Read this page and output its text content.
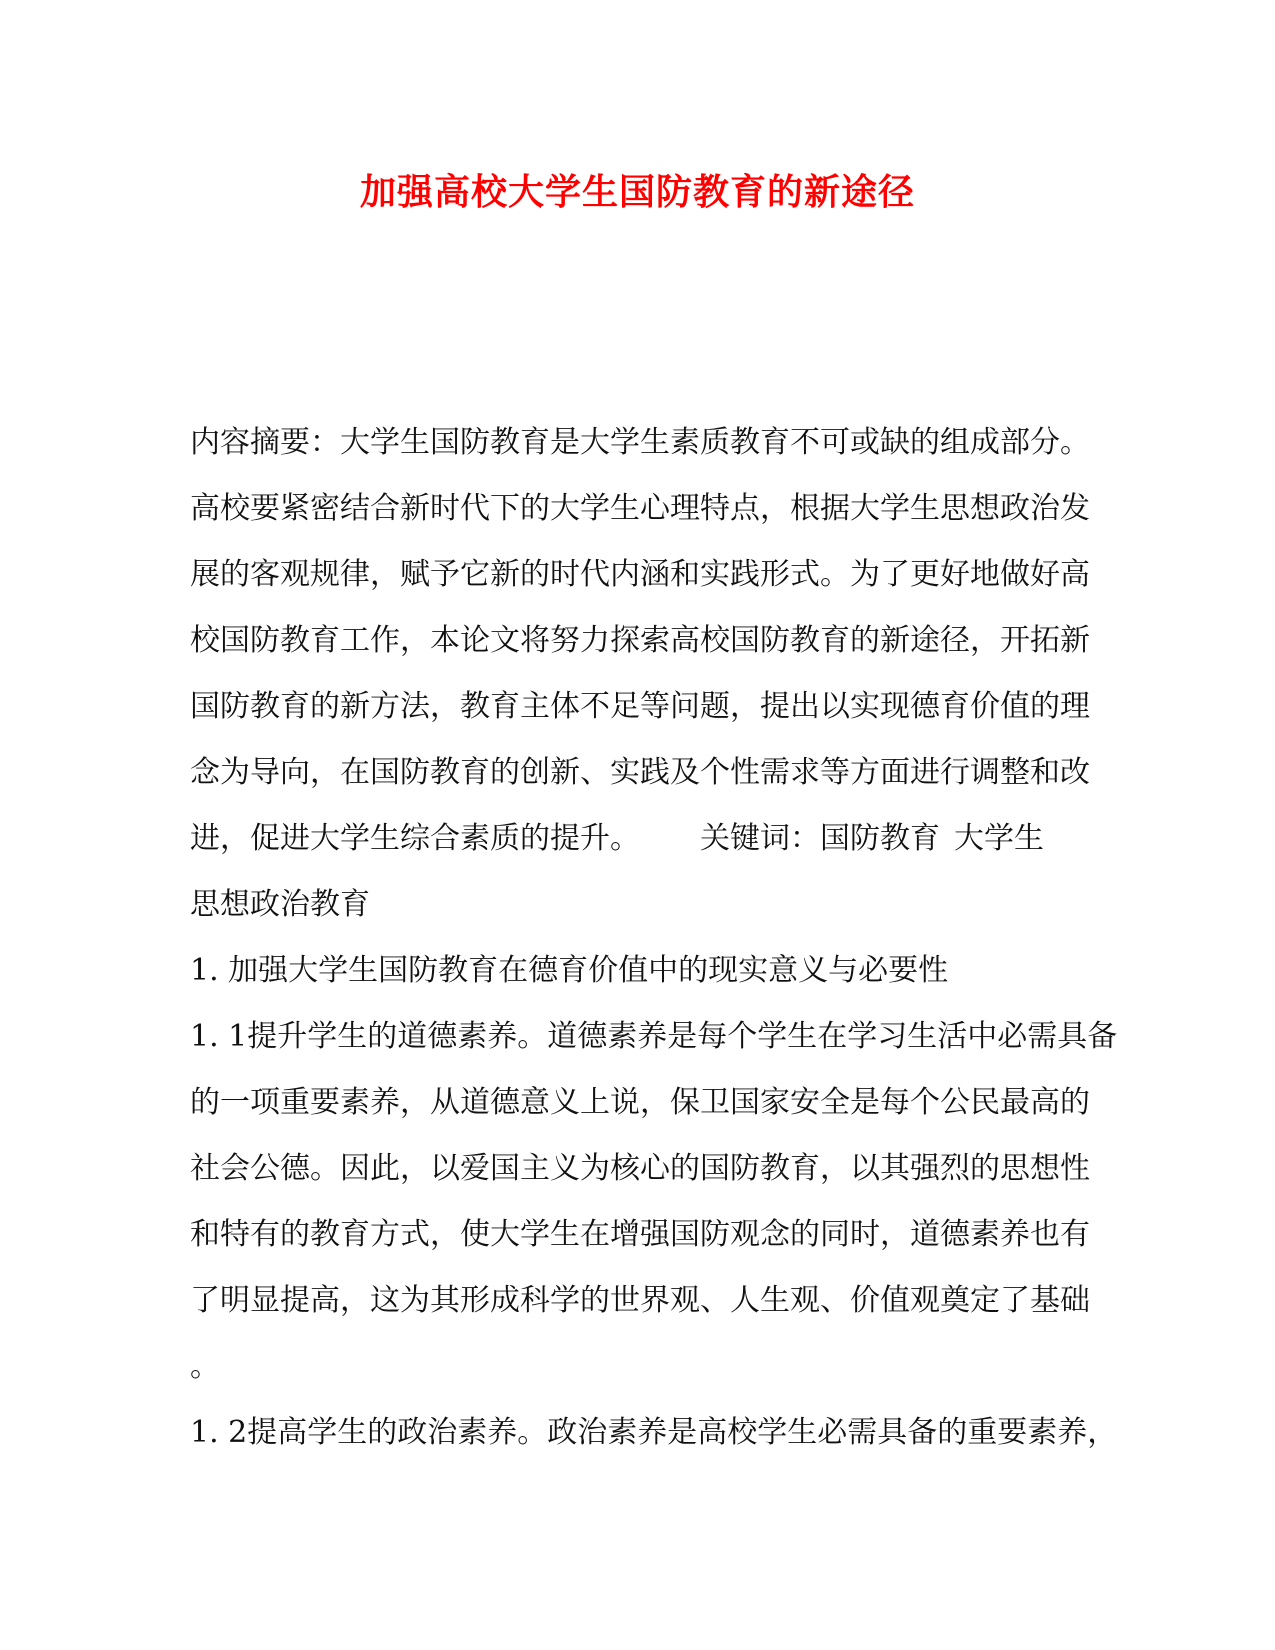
加强高校大学生国防教育的新途径
内容摘要：大学生国防教育是大学生素质教育不可或缺的组成部分。
高校要紧密结合新时代下的大学生心理特点，根据大学生思想政治发
展的客观规律，赋予它新的时代内涵和实践形式。为了更好地做好高
校国防教育工作，本论文将努力探索高校国防教育的新途径，开拓新
国防教育的新方法，教育主体不足等问题，提出以实现德育价值的理
念为导向，在国防教育的创新、实践及个性需求等方面进行调整和改
进，促进大学生综合素质的提升。 关键词：国防教育 大学生
思想政治教育
1. 加强大学生国防教育在德育价值中的现实意义与必要性
1. 1提升学生的道德素养。道德素养是每个学生在学习生活中必需具备
的一项重要素养，从道德意义上说，保卫国家安全是每个公民最高的
社会公德。因此，以爱国主义为核心的国防教育，以其强烈的思想性
和特有的教育方式，使大学生在增强国防观念的同时，道德素养也有
了明显提高，这为其形成科学的世界观、人生观、价值观奠定了基础
。
1. 2提高学生的政治素养。政治素养是高校学生必需具备的重要素养，
